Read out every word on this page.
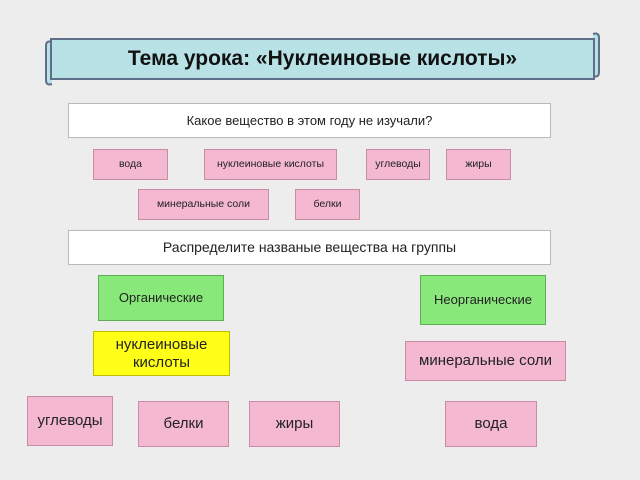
Тема урока: «Нуклеиновые кислоты»
Какое вещество в этом году не изучали?
вода	нуклеиновые кислоты	углеводы	жиры
минеральные соли	белки
Распределите названые вещества на группы
Органические	Неорганические
нуклеиновые кислоты	минеральные соли
углеводы	белки	жиры	вода
